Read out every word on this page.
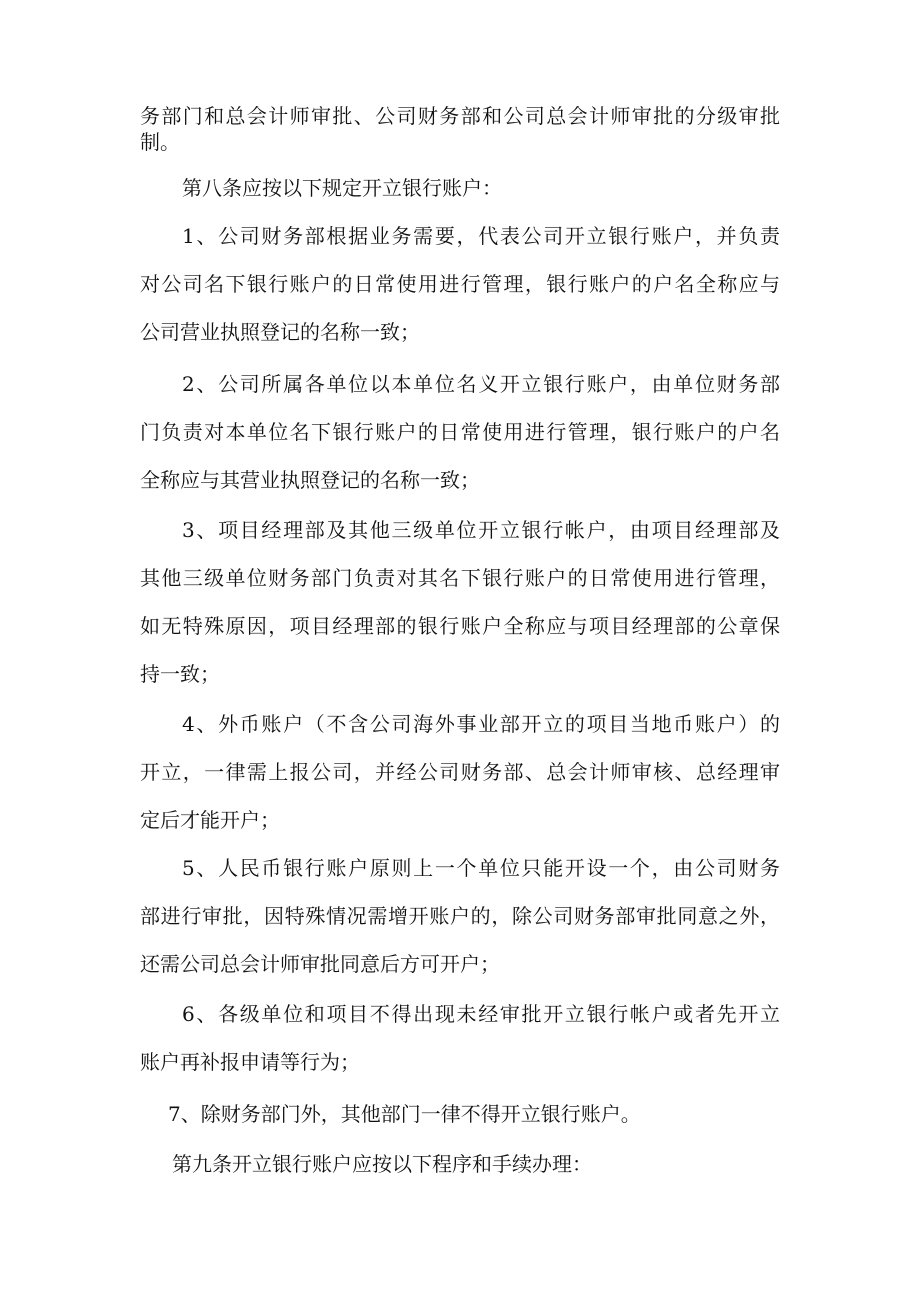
务部门和总会计师审批、公司财务部和公司总会计师审批的分级审批
制。
第八条应按以下规定开立银行账户：
1、公司财务部根据业务需要，代表公司开立银行账户，并负责
对公司名下银行账户的日常使用进行管理，银行账户的户名全称应与
公司营业执照登记的名称一致；
2、公司所属各单位以本单位名义开立银行账户，由单位财务部
门负责对本单位名下银行账户的日常使用进行管理，银行账户的户名
全称应与其营业执照登记的名称一致；
3、项目经理部及其他三级单位开立银行帐户，由项目经理部及
其他三级单位财务部门负责对其名下银行账户的日常使用进行管理，
如无特殊原因，项目经理部的银行账户全称应与项目经理部的公章保
持一致；
4、外币账户（不含公司海外事业部开立的项目当地币账户）的
开立，一律需上报公司，并经公司财务部、总会计师审核、总经理审
定后才能开户；
5、人民币银行账户原则上一个单位只能开设一个，由公司财务
部进行审批，因特殊情况需增开账户的，除公司财务部审批同意之外，
还需公司总会计师审批同意后方可开户；
6、各级单位和项目不得出现未经审批开立银行帐户或者先开立
账户再补报申请等行为；
7、除财务部门外，其他部门一律不得开立银行账户。
第九条开立银行账户应按以下程序和手续办理：
